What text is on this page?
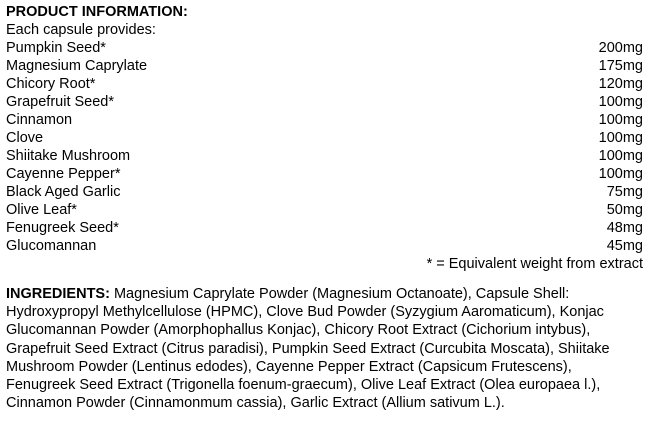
PRODUCT INFORMATION:
Each capsule provides:
Pumpkin Seed*	200mg
Magnesium Caprylate	175mg
Chicory Root*	120mg
Grapefruit Seed*	100mg
Cinnamon	100mg
Clove	100mg
Shiitake Mushroom	100mg
Cayenne Pepper*	100mg
Black Aged Garlic	75mg
Olive Leaf*	50mg
Fenugreek Seed*	48mg
Glucomannan	45mg
* = Equivalent weight from extract
INGREDIENTS: Magnesium Caprylate Powder (Magnesium Octanoate), Capsule Shell: Hydroxypropyl Methylcellulose (HPMC), Clove Bud Powder (Syzygium Aaromaticum), Konjac Glucomannan Powder (Amorphophallus Konjac), Chicory Root Extract (Cichorium intybus), Grapefruit Seed Extract (Citrus paradisi), Pumpkin Seed Extract (Curcubita Moscata), Shiitake Mushroom Powder (Lentinus edodes), Cayenne Pepper Extract (Capsicum Frutescens), Fenugreek Seed Extract (Trigonella foenum-graecum), Olive Leaf Extract (Olea europaea l.), Cinnamon Powder (Cinnamonmum cassia), Garlic Extract (Allium sativum L.).
